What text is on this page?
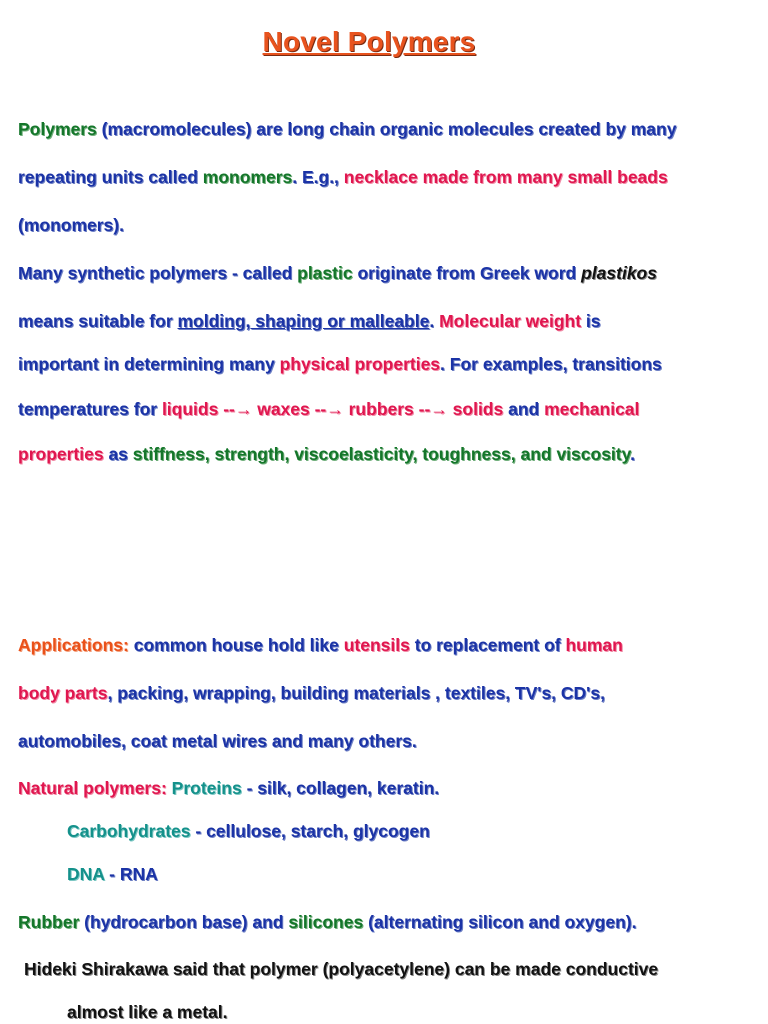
Novel Polymers
Polymers (macromolecules) are long chain organic molecules created by many
repeating units called monomers. E.g., necklace made from many small beads
(monomers).
Many synthetic polymers - called plastic originate from Greek word plastikos
means suitable for molding, shaping or malleable. Molecular weight is
important in determining many physical properties. For examples, transitions
temperatures for liquids --→ waxes --→ rubbers --→ solids and mechanical
properties as stiffness, strength, viscoelasticity, toughness, and viscosity.
Applications: common house hold like utensils to replacement of human
body parts, packing, wrapping, building materials , textiles, TV's, CD's,
automobiles, coat metal wires and many others.
Natural polymers: Proteins - silk, collagen, keratin.
Carbohydrates - cellulose, starch, glycogen
DNA - RNA
Rubber (hydrocarbon base) and silicones (alternating silicon and oxygen).
Hideki Shirakawa said that polymer (polyacetylene) can be made conductive
almost like a metal.
